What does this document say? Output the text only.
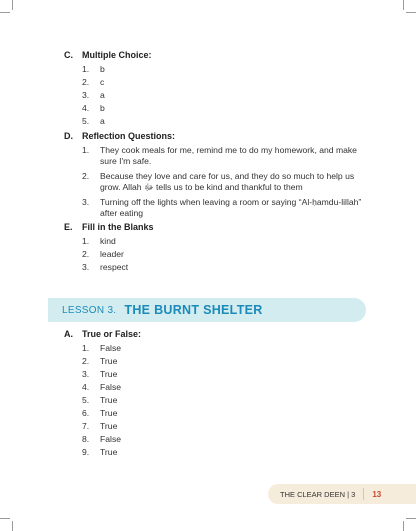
C.	Multiple Choice:
1.	b
2.	c
3.	a
4.	b
5.	a
D.	Reflection Questions:
1.	They cook meals for me, remind me to do my homework, and make sure I'm safe.
2.	Because they love and care for us, and they do so much to help us grow. Allah ﷻ tells us to be kind and thankful to them
3.	Turning off the lights when leaving a room or saying “Al-ḥamdu-lillah” after eating
E.	Fill in the Blanks
1.	kind
2.	leader
3.	respect
LESSON 3. THE BURNT SHELTER
A.	True or False:
1.	False
2.	True
3.	True
4.	False
5.	True
6.	True
7.	True
8.	False
9.	True
THE CLEAR DEEN | 3 13
